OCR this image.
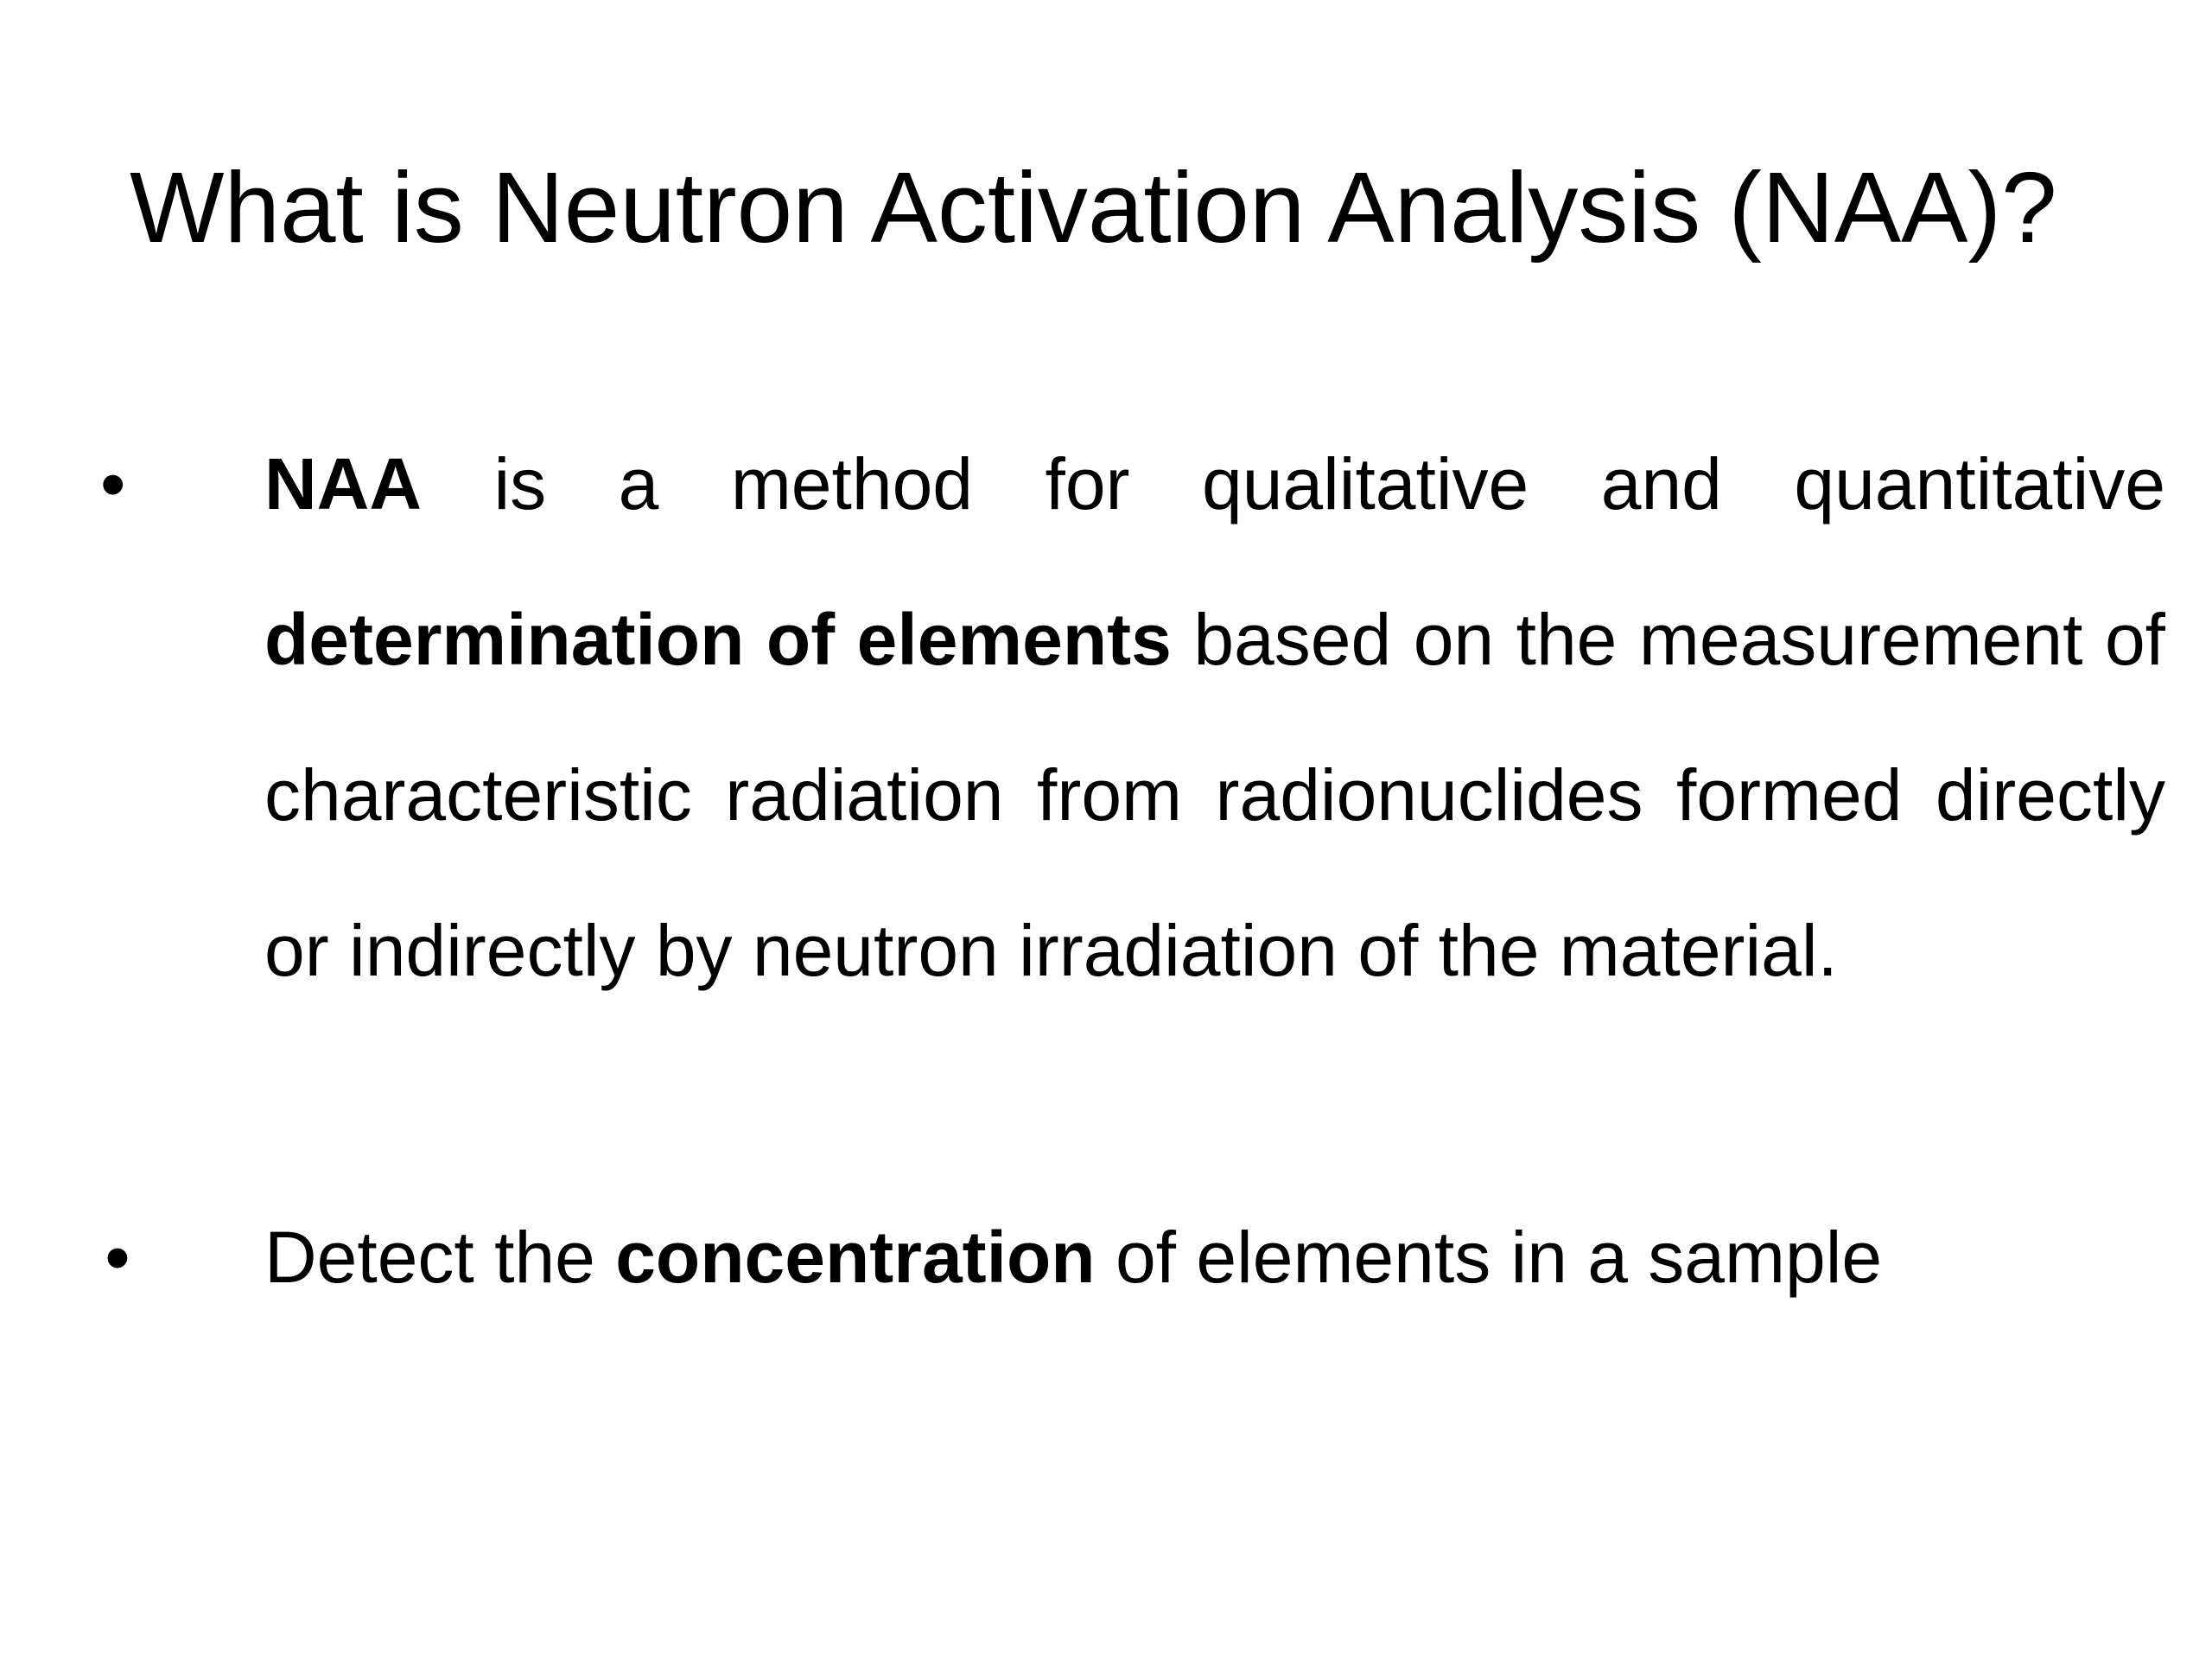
What is Neutron Activation Analysis (NAA)?

• NAA is a method for qualitative and quantitative determination of elements based on the measurement of characteristic radiation from radionuclides formed directly or indirectly by neutron irradiation of the material.

• Detect the concentration of elements in a sample
